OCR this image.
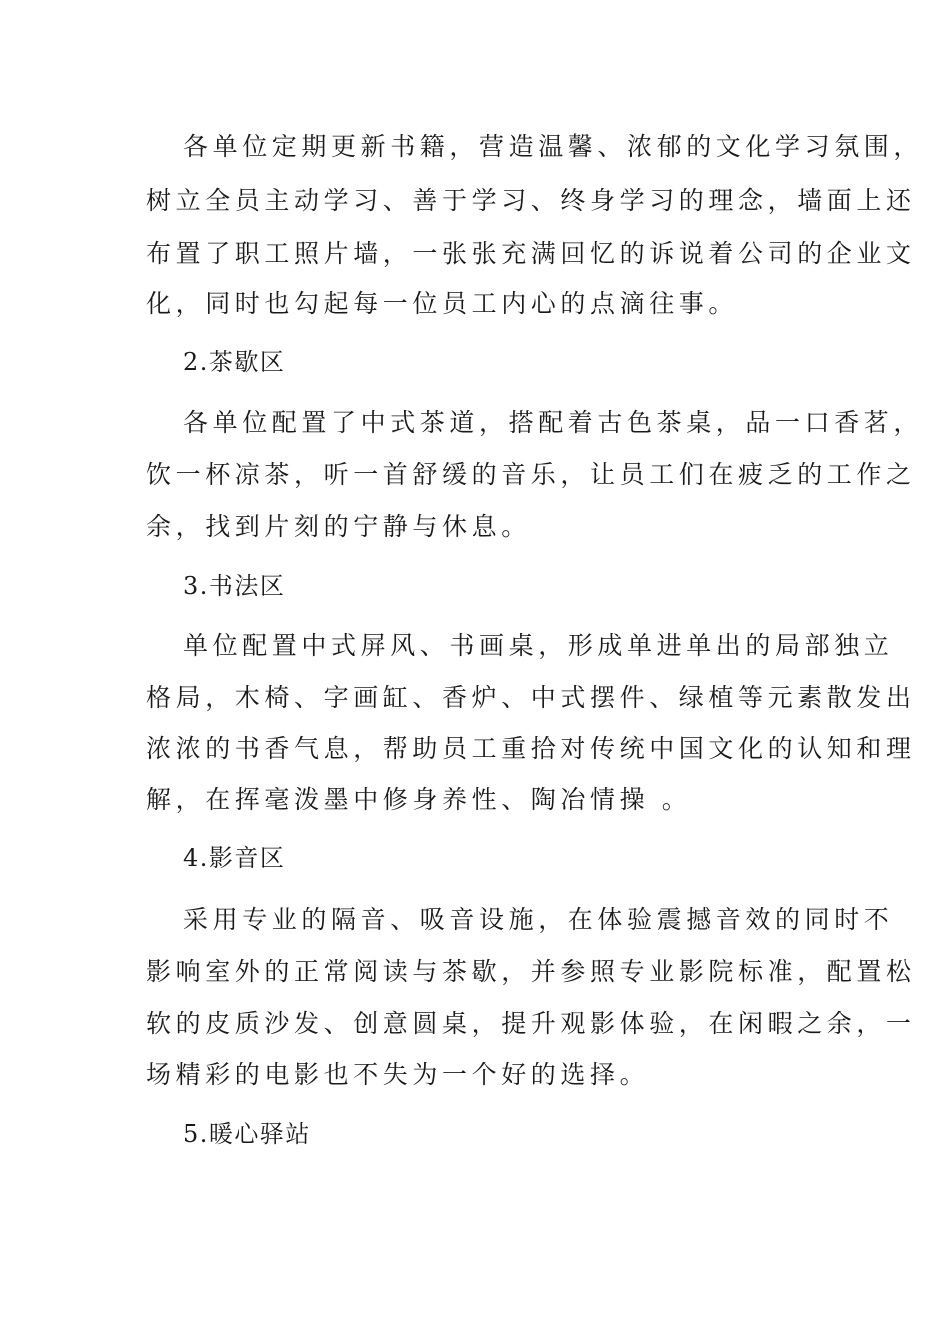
各单位定期更新书籍，营造温馨、浓郁的文化学习氛围，
树立全员主动学习、善于学习、终身学习的理念，墙面上还
布置了职工照片墙，一张张充满回忆的诉说着公司的企业文
化，同时也勾起每一位员工内心的点滴往事。
2.茶歇区
各单位配置了中式茶道，搭配着古色茶桌，品一口香茗，
饮一杯凉茶，听一首舒缓的音乐，让员工们在疲乏的工作之
余，找到片刻的宁静与休息。
3.书法区
单位配置中式屏风、书画桌，形成单进单出的局部独立
格局，木椅、字画缸、香炉、中式摆件、绿植等元素散发出
浓浓的书香气息，帮助员工重拾对传统中国文化的认知和理
解，在挥毫泼墨中修身养性、陶冶情操 。
4.影音区
采用专业的隔音、吸音设施，在体验震撼音效的同时不
影响室外的正常阅读与茶歇，并参照专业影院标准，配置松
软的皮质沙发、创意圆桌，提升观影体验，在闲暇之余，一
场精彩的电影也不失为一个好的选择。
5.暖心驿站
